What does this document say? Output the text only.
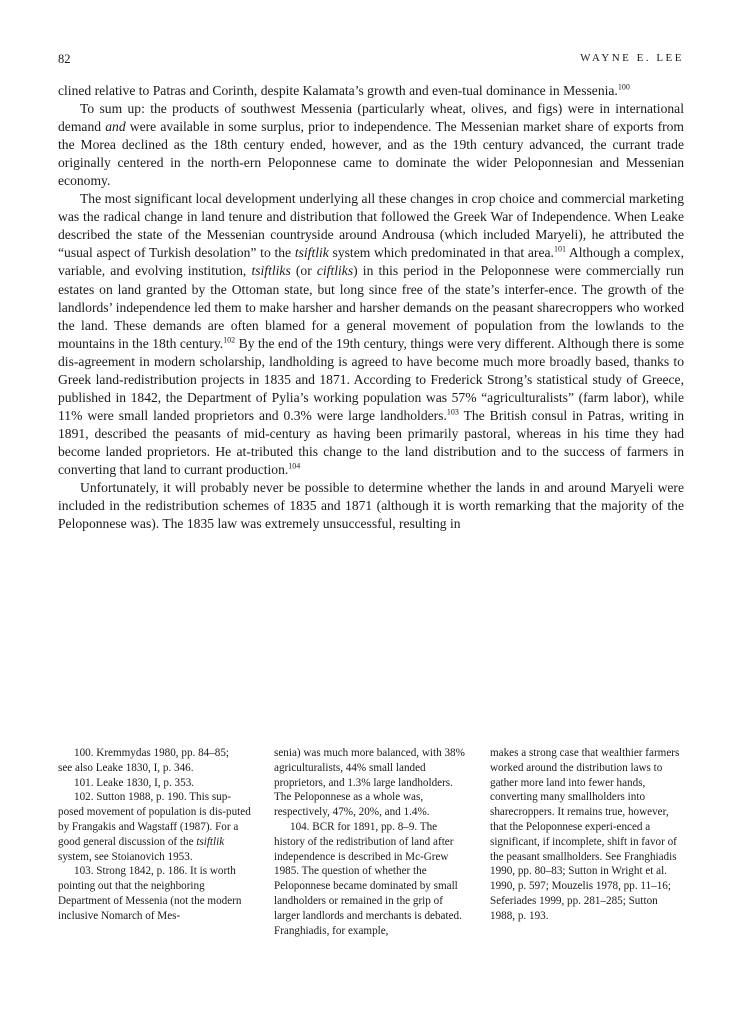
82	WAYNE E. LEE

clined relative to Patras and Corinth, despite Kalamata’s growth and even-tual dominance in Messenia.$^{100}$

To sum up: the products of southwest Messenia (particularly wheat, olives, and figs) were in international demand and were available in some surplus, prior to independence. The Messenian market share of exports from the Morea declined as the 18th century ended, however, and as the 19th century advanced, the currant trade originally centered in the north-ern Peloponnese came to dominate the wider Peloponnesian and Messenian economy.

The most significant local development underlying all these changes in crop choice and commercial marketing was the radical change in land tenure and distribution that followed the Greek War of Independence. When Leake described the state of the Messenian countryside around Androusa (which included Maryeli), he attributed the “usual aspect of Turkish desolation” to the tsiftlik system which predominated in that area.$^{101}$ Although a complex, variable, and evolving institution, tsiftliks (or ciftliks) in this period in the Peloponnese were commercially run estates on land granted by the Ottoman state, but long since free of the state’s interfer-ence. The growth of the landlords’ independence led them to make harsher and harsher demands on the peasant sharecroppers who worked the land. These demands are often blamed for a general movement of population from the lowlands to the mountains in the 18th century.$^{102}$ By the end of the 19th century, things were very different. Although there is some dis-agreement in modern scholarship, landholding is agreed to have become much more broadly based, thanks to Greek land-redistribution projects in 1835 and 1871. According to Frederick Strong’s statistical study of Greece, published in 1842, the Department of Pylia’s working population was 57% “agriculturalists” (farm labor), while 11% were small landed proprietors and 0.3% were large landholders.$^{103}$ The British consul in Patras, writing in 1891, described the peasants of mid-century as having been primarily pastoral, whereas in his time they had become landed proprietors. He at-tributed this change to the land distribution and to the success of farmers in converting that land to currant production.$^{104}$

Unfortunately, it will probably never be possible to determine whether the lands in and around Maryeli were included in the redistribution schemes of 1835 and 1871 (although it is worth remarking that the majority of the Peloponnese was). The 1835 law was extremely unsuccessful, resulting in

100. Kremmydas 1980, pp. 84–85;

see also Leake 1830, I, p. 346.

101. Leake 1830, I, p. 353.

102. Sutton 1988, p. 190. This sup-posed movement of population is dis-puted by Frangakis and Wagstaff (1987). For a good general discussion of the tsiftlik system, see Stoianovich 1953.

103. Strong 1842, p. 186. It is worth pointing out that the neighboring Department of Messenia (not the modern inclusive Nomarch of Mes-

senia) was much more balanced, with 38% agriculturalists, 44% small landed proprietors, and 1.3% large landholders. The Peloponnese as a whole was, respectively, 47%, 20%, and 1.4%.

104. BCR for 1891, pp. 8–9. The history of the redistribution of land after independence is described in Mc-Grew 1985. The question of whether the Peloponnese became dominated by small landholders or remained in the grip of larger landlords and merchants is debated. Franghiadis, for example,

makes a strong case that wealthier farmers worked around the distribution laws to gather more land into fewer hands, converting many smallholders into sharecroppers. It remains true, however, that the Peloponnese experi-enced a significant, if incomplete, shift in favor of the peasant smallholders. See Franghiadis 1990, pp. 80–83; Sutton in Wright et al. 1990, p. 597; Mouzelis 1978, pp. 11–16; Seferiades 1999, pp. 281–285; Sutton 1988, p. 193.
